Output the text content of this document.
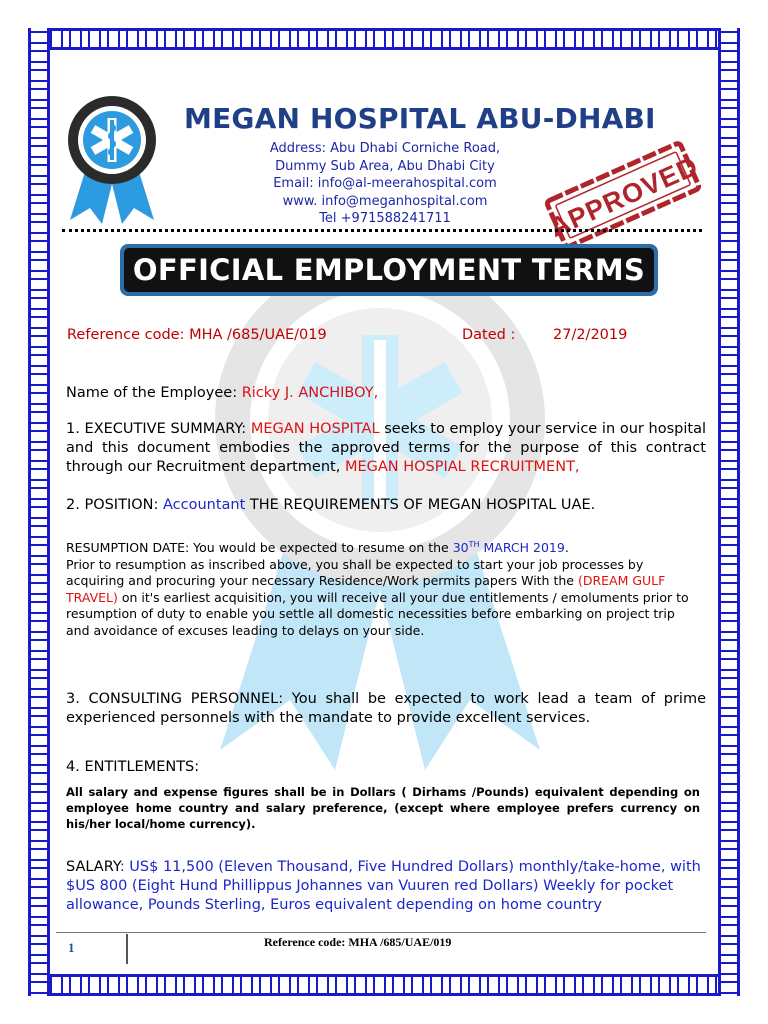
MEGAN HOSPITAL ABU-DHABI
Address: Abu Dhabi Corniche Road,
Dummy Sub Area, Abu Dhabi City
Email: info@al-meerahospital.com
www. info@meganhospital.com
Tel +971588241711	APPROVED
OFFICIAL EMPLOYMENT TERMS
Reference code: MHA /685/UAE/019	Dated :	27/2/2019
Name of the Employee: Ricky J. ANCHIBOY,
1. EXECUTIVE SUMMARY: MEGAN HOSPITAL seeks to employ your service in our hospital and this document embodies the approved terms for the purpose of this contract through our Recruitment department, MEGAN HOSPIAL RECRUITMENT,
2. POSITION: Accountant THE REQUIREMENTS OF MEGAN HOSPITAL UAE.
RESUMPTION DATE: You would be expected to resume on the 30TH MARCH 2019.
Prior to resumption as inscribed above, you shall be expected to start your job processes by acquiring and procuring your necessary Residence/Work permits papers With the (DREAM GULF TRAVEL) on it's earliest acquisition, you will receive all your due entitlements / emoluments prior to resumption of duty to enable you settle all domestic necessities before embarking on project trip and avoidance of excuses leading to delays on your side.
3. CONSULTING PERSONNEL: You shall be expected to work lead a team of prime experienced personnels with the mandate to provide excellent services.
4. ENTITLEMENTS:
All salary and expense figures shall be in Dollars ( Dirhams /Pounds) equivalent depending on employee home country and salary preference, (except where employee prefers currency on his/her local/home currency).
SALARY: US$ 11,500 (Eleven Thousand, Five Hundred Dollars) monthly/take-home, with $US 800 (Eight Hund Phillippus Johannes van Vuuren red Dollars) Weekly for pocket allowance, Pounds Sterling, Euros equivalent depending on home country
1	Reference code: MHA /685/UAE/019
